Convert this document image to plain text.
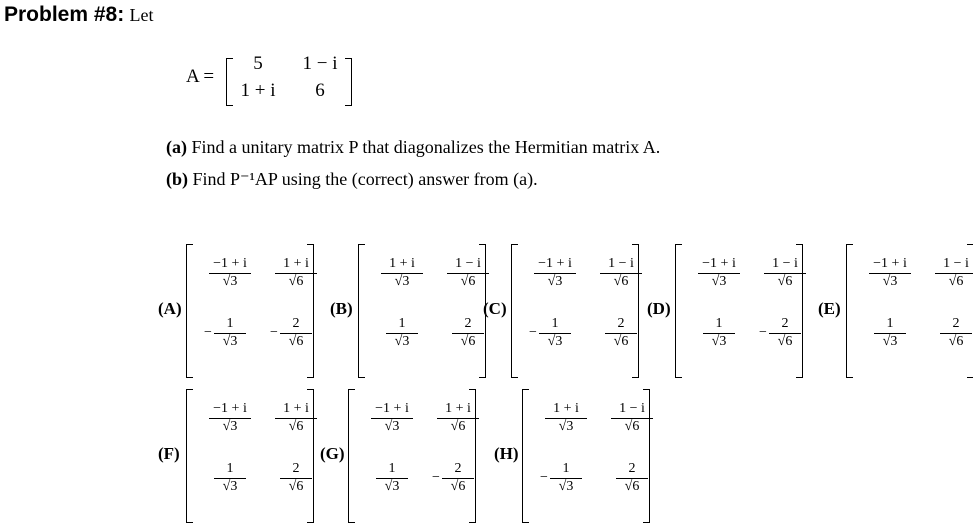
Problem #8: Let
A =
5	1 − i
1 + i	6
(a) Find a unitary matrix P that diagonalizes the Hermitian matrix A.
(b) Find P⁻¹AP using the (correct) answer from (a).
(A)
−1 + i
√3
1 + i
√6
1
√3
−
2
√6
−
(B)
1 + i
√3
1 − i
√6
1
√3
2
√6
(C)
−1 + i
√3
1 − i
√6
1
√3
−
2
√6
(D)
−1 + i
√3
1 − i
√6
1
√3
2
√6
−
(E)
−1 + i
√3
1 − i
√6
1
√3
2
√6
(F)
−1 + i
√3
1 + i
√6
1
√3
2
√6
(G)
−1 + i
√3
1 + i
√6
1
√3
2
√6
−
(H)
1 + i
√3
1 − i
√6
1
√3
−
2
√6
